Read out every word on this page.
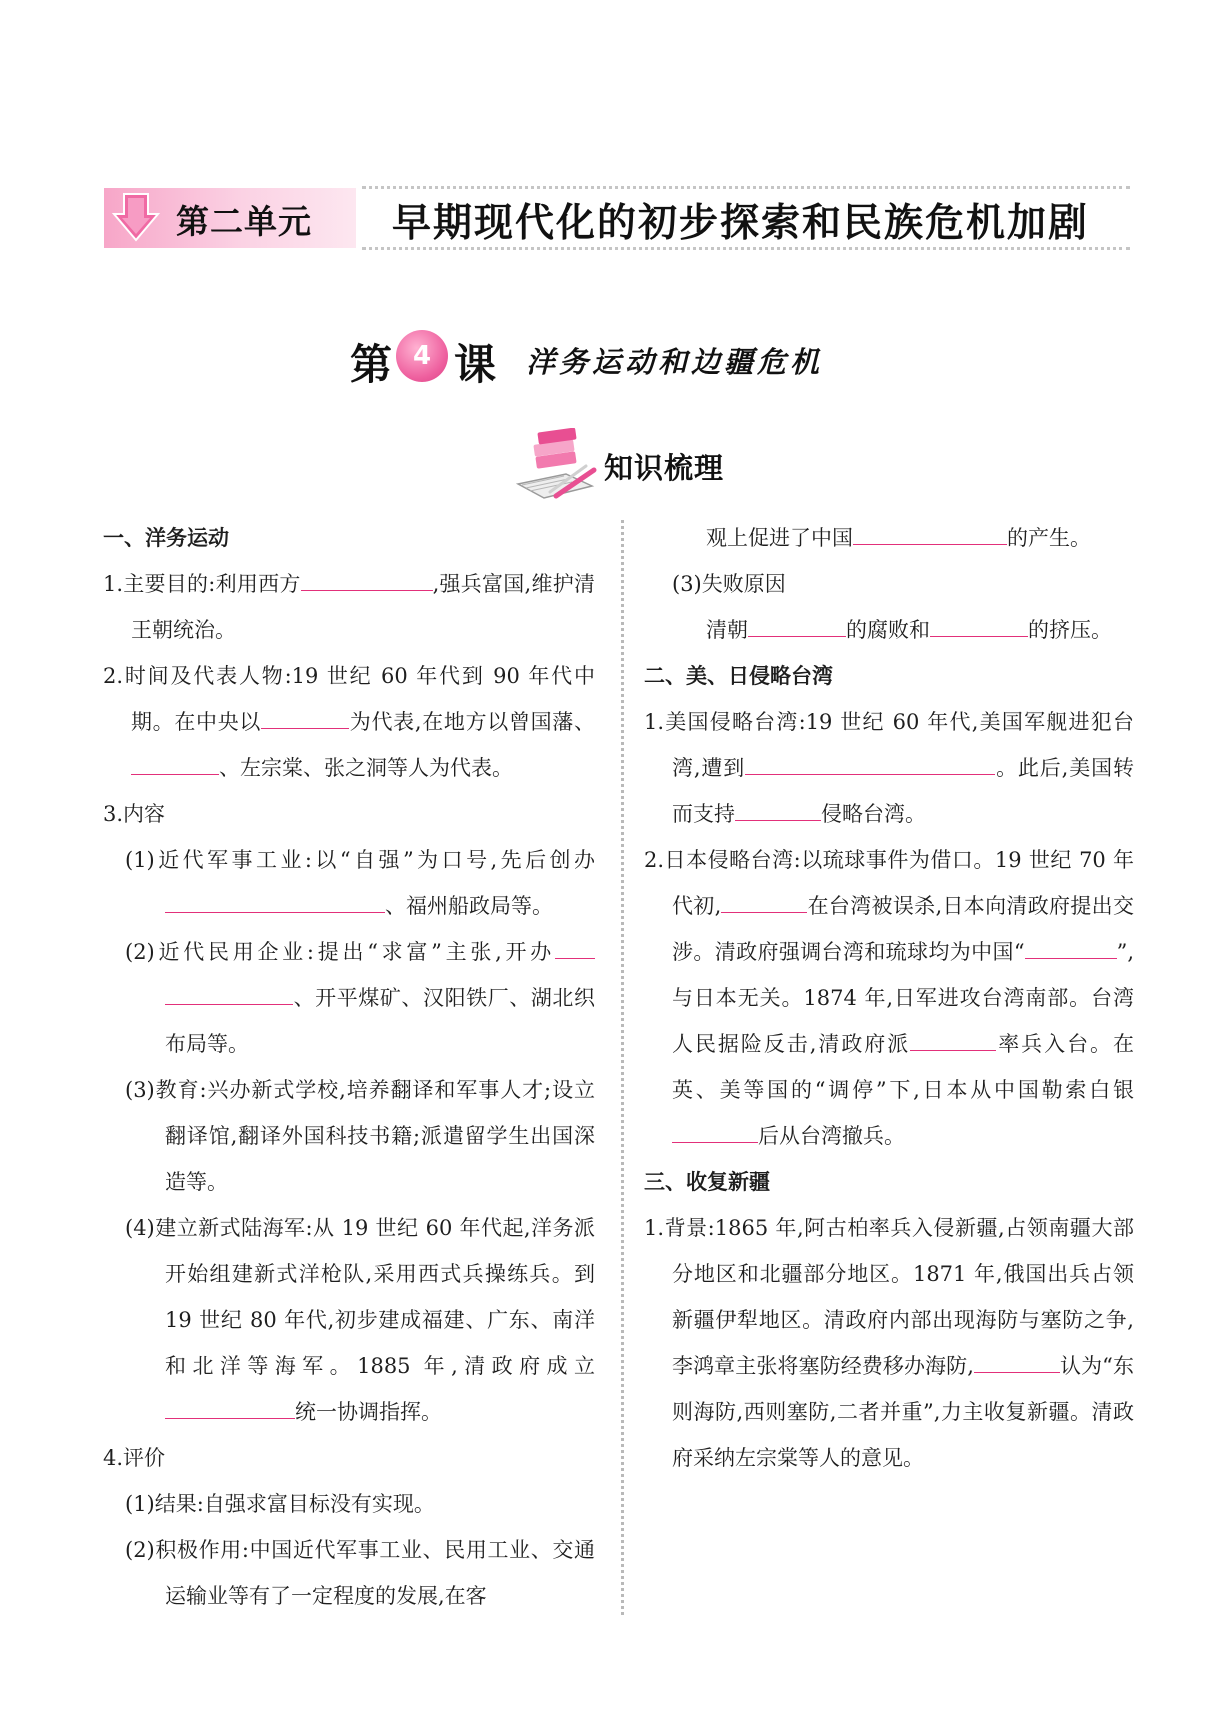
第二单元 早期现代化的初步探索和民族危机加剧
第 4 课 洋务运动和边疆危机
知识梳理

一、洋务运动

1.主要目的:利用西方	,强兵富国,维护清王朝统治。

2.时间及代表人物:19 世纪 60 年代到 90 年代中期。在中央以	为代表,在地方以曾国藩、、左宗棠、张之洞等人为代表。

3.内容

(1)近代军事工业:以“自强”为口号,先后创办、福州船政局等。

(2)近代民用企业:提出“求富”主张,开办、开平煤矿、汉阳铁厂、湖北织布局等。

(3)教育:兴办新式学校,培养翻译和军事人才;设立翻译馆,翻译外国科技书籍;派遣留学生出国深造等。

(4)建立新式陆海军:从 19 世纪 60 年代起,洋务派开始组建新式洋枪队,采用西式兵操练兵。到 19 世纪 80 年代,初步建成福建、广东、南洋和北洋等海军。1885 年,清政府成立统一协调指挥。

4.评价

(1)结果:自强求富目标没有实现。

(2)积极作用:中国近代军事工业、民用工业、交通运输业等有了一定程度的发展,在客

观上促进了中国	的产生。

(3)失败原因

清朝	的腐败和	的挤压。

二、美、日侵略台湾

1.美国侵略台湾:19 世纪 60 年代,美国军舰进犯台湾,遭到	。此后,美国转而支持	侵略台湾。

2.日本侵略台湾:以琉球事件为借口。19 世纪 70 年代初,	在台湾被误杀,日本向清政府提出交涉。清政府强调台湾和琉球均为中国“	”,与日本无关。1874 年,日军进攻台湾南部。台湾人民据险反击,清政府派	率兵入台。在英、美等国的“调停”下,日本从中国勒索白银后从台湾撤兵。

三、收复新疆

1.背景:1865 年,阿古柏率兵入侵新疆,占领南疆大部分地区和北疆部分地区。1871 年,俄国出兵占领新疆伊犁地区。清政府内部出现海防与塞防之争,李鸿章主张将塞防经费移办海防,	认为“东则海防,西则塞防,二者并重”,力主收复新疆。清政府采纳左宗棠等人的意见。
